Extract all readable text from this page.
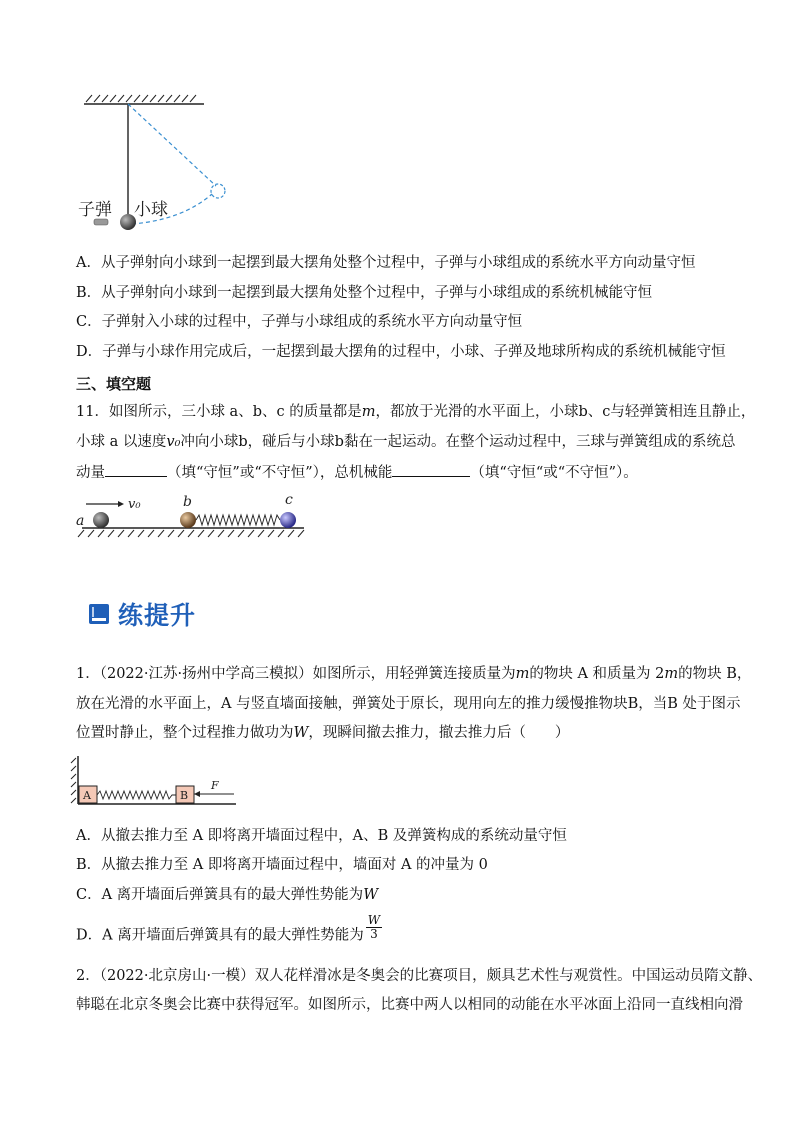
子弹 小球
A．从子弹射向小球到一起摆到最大摆角处整个过程中，子弹与小球组成的系统水平方向动量守恒
B．从子弹射向小球到一起摆到最大摆角处整个过程中，子弹与小球组成的系统机械能守恒
C．子弹射入小球的过程中，子弹与小球组成的系统水平方向动量守恒
D．子弹与小球作用完成后，一起摆到最大摆角的过程中，小球、子弹及地球所构成的系统机械能守恒
三、填空题
11．如图所示，三小球 a、b、c 的质量都是m，都放于光滑的水平面上，小球b、c与轻弹簧相连且静止，
小球 a 以速度v₀冲向小球b，碰后与小球b黏在一起运动。在整个运动过程中，三球与弹簧组成的系统总
动量	（填“守恒”或“不守恒”），总机械能	（填“守恒“或“不守恒”）。
v₀
a
b	c
练提升
1．（2022·江苏·扬州中学高三模拟）如图所示，用轻弹簧连接质量为m的物块 A 和质量为 2m的物块 B，
放在光滑的水平面上，A 与竖直墙面接触，弹簧处于原长，现用向左的推力缓慢推物块B，当B 处于图示
位置时静止，整个过程推力做功为W，现瞬间撤去推力，撤去推力后（　　）
A	B
F
A．从撤去推力至 A 即将离开墙面过程中，A、B 及弹簧构成的系统动量守恒
B．从撤去推力至 A 即将离开墙面过程中，墙面对 A 的冲量为 0
C．A 离开墙面后弹簧具有的最大弹性势能为W
D．A 离开墙面后弹簧具有的最大弹性势能为 $\frac{W}{3}$
2．（2022·北京房山·一模）双人花样滑冰是冬奥会的比赛项目，颇具艺术性与观赏性。中国运动员隋文静、
韩聪在北京冬奥会比赛中获得冠军。如图所示，比赛中两人以相同的动能在水平冰面上沿同一直线相向滑
